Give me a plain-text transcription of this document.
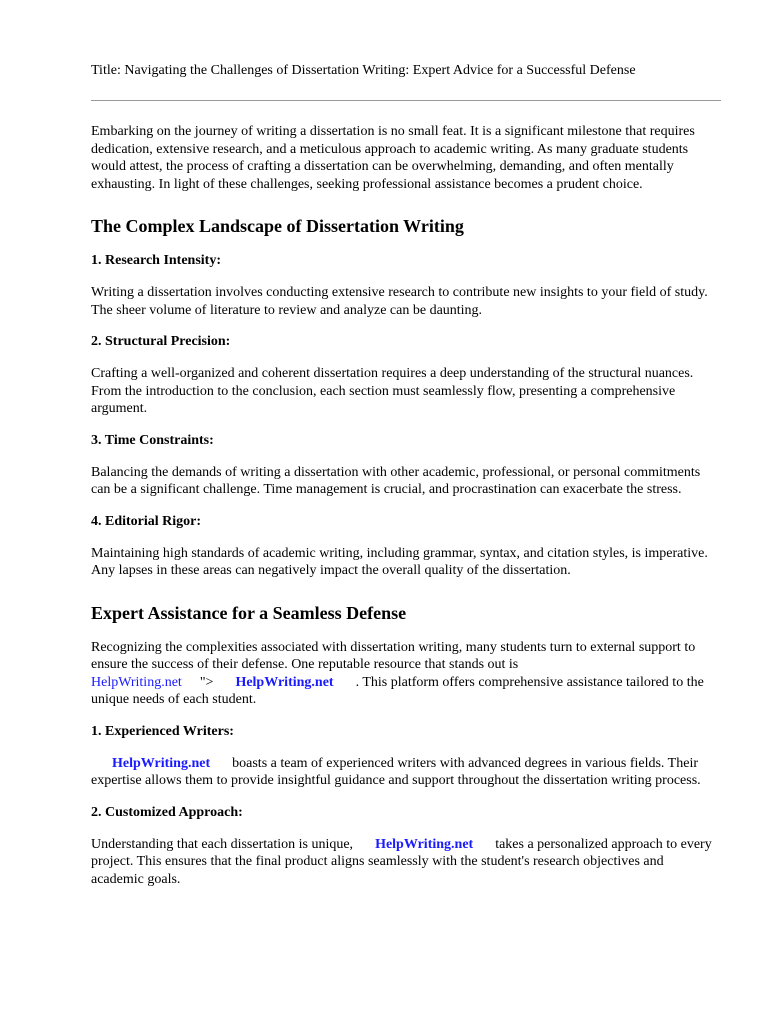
Title: Navigating the Challenges of Dissertation Writing: Expert Advice for a Successful Defense

Embarking on the journey of writing a dissertation is no small feat. It is a significant milestone that requires dedication, extensive research, and a meticulous approach to academic writing. As many graduate students would attest, the process of crafting a dissertation can be overwhelming, demanding, and often mentally exhausting. In light of these challenges, seeking professional assistance becomes a prudent choice.

The Complex Landscape of Dissertation Writing
1. Research Intensity:

Writing a dissertation involves conducting extensive research to contribute new insights to your field of study. The sheer volume of literature to review and analyze can be daunting.

2. Structural Precision:

Crafting a well-organized and coherent dissertation requires a deep understanding of the structural nuances. From the introduction to the conclusion, each section must seamlessly flow, presenting a comprehensive argument.

3. Time Constraints:

Balancing the demands of writing a dissertation with other academic, professional, or personal commitments can be a significant challenge. Time management is crucial, and procrastination can exacerbate the stress.

4. Editorial Rigor:

Maintaining high standards of academic writing, including grammar, syntax, and citation styles, is imperative. Any lapses in these areas can negatively impact the overall quality of the dissertation.

Expert Assistance for a Seamless Defense

Recognizing the complexities associated with dissertation writing, many students turn to external support to ensure the success of their defense. One reputable resource that stands out is
HelpWriting.net "> HelpWriting.net . This platform offers comprehensive assistance tailored to the unique needs of each student.

1. Experienced Writers:

HelpWriting.net boasts a team of experienced writers with advanced degrees in various fields. Their expertise allows them to provide insightful guidance and support throughout the dissertation writing process.

2. Customized Approach:

Understanding that each dissertation is unique, HelpWriting.net takes a personalized approach to every project. This ensures that the final product aligns seamlessly with the student's research objectives and academic goals.
